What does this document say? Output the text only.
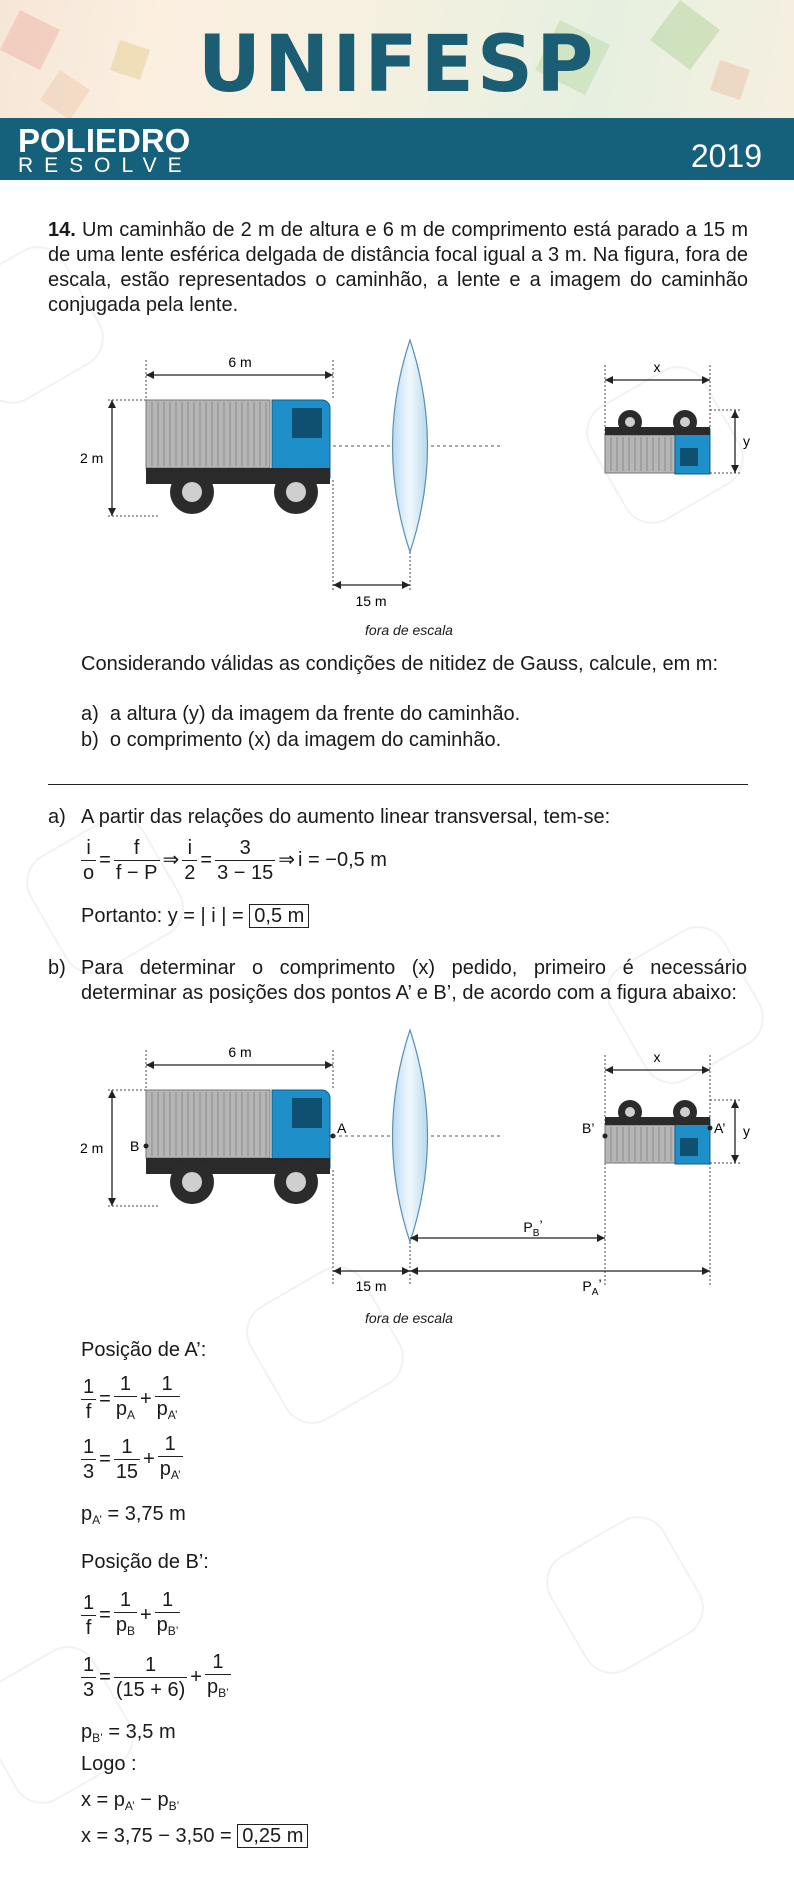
UNIFESP
POLIEDRO
RESOLVE	2019
14. Um caminhão de 2 m de altura e 6 m de comprimento está parado a 15 m de uma lente esférica delgada de distância focal igual a 3 m. Na figura, fora de escala, estão representados o caminhão, a lente e a imagem do caminhão conjugada pela lente.
6 m
2 m
15 m
x
y
fora de escala
Considerando válidas as condições de nitidez de Gauss, calcule, em m:
a) a altura (y) da imagem da frente do caminhão.
b) o comprimento (x) da imagem do caminhão.
a) A partir das relações do aumento linear transversal, tem-se:
$\frac{i}{o} = \frac{f}{f - P}$ ⇒ $\frac{i}{2} = \frac{3}{3 - 15}$ ⇒ i = −0,5 m
Portanto: y = | i | = 0,5 m
b) Para determinar o comprimento (x) pedido, primeiro é necessário determinar as posições dos pontos A’ e B’, de acordo com a figura abaixo:
6 m
2 m B
A
x
B’	A’ y
$P_B$’
15 m	$P_A$’
fora de escala
Posição de A’:
$\frac{1}{f} = \frac{1}{p_A} + \frac{1}{p_{A’}}$
$\frac{1}{3} = \frac{1}{15} + \frac{1}{p_{A’}}$
$p_{A’} = 3,75$ m
Posição de B’:
$\frac{1}{f} = \frac{1}{p_B} + \frac{1}{p_{B’}}$
$\frac{1}{3} = \frac{1}{(15 + 6)} + \frac{1}{p_{B’}}$
$p_{B’} = 3,5$ m
Logo :
$x = p_{A’} - p_{B’}$
x = 3,75 − 3,50 = 0,25 m
